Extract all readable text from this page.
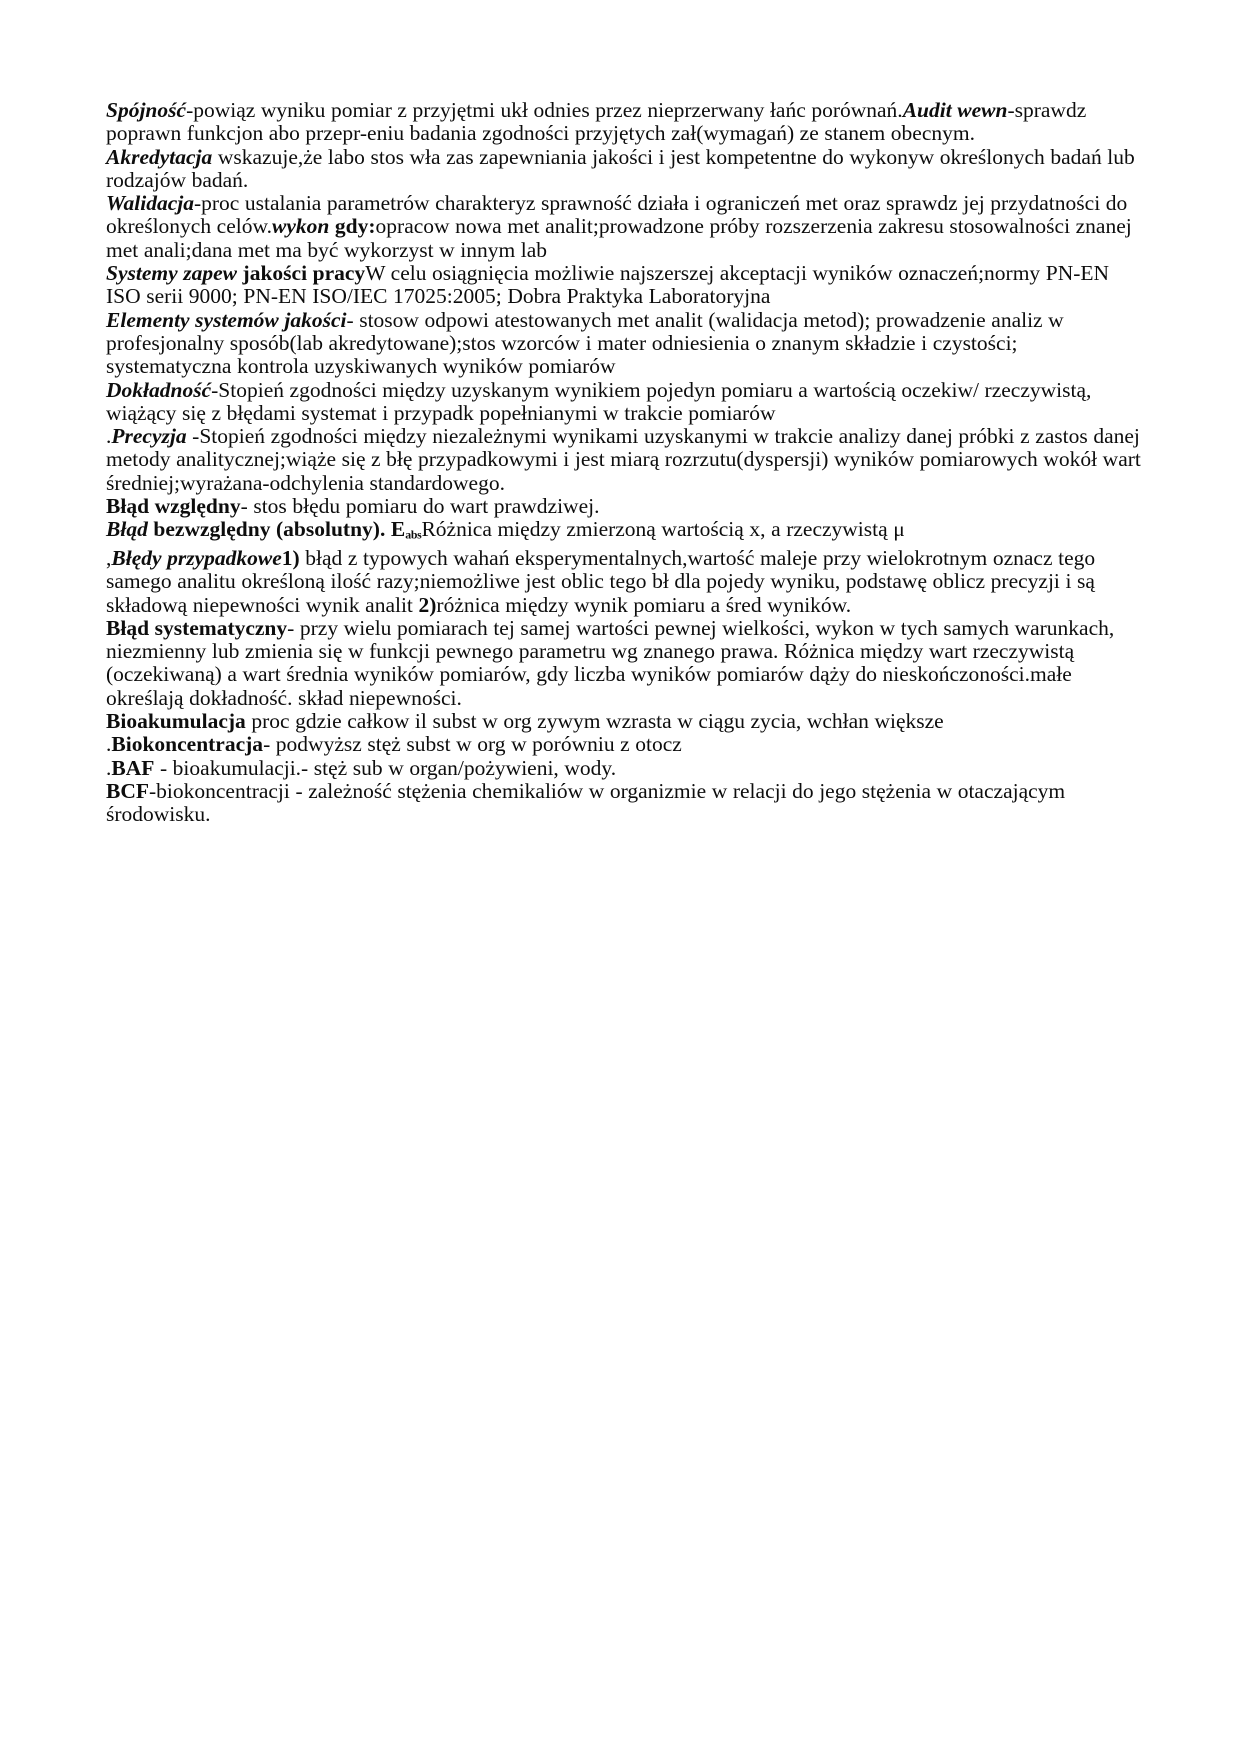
Spójność-powiąz wyniku pomiar z przyjętmi ukł odnies przez nieprzerwany łańc porównań.Audit wewn-sprawdz poprawn funkcjon abo przepr-eniu badania zgodności przyjętych zał(wymagań) ze stanem obecnym.

Akredytacja wskazuje,że labo stos wła zas zapewniania jakości i jest kompetentne do wykonyw określonych badań lub rodzajów badań.

Walidacja-proc ustalania parametrów charakteryz sprawność działa i ograniczeń met oraz sprawdz jej przydatności do określonych celów.wykon gdy:opracow nowa met analit;prowadzone próby rozszerzenia zakresu stosowalności znanej met anali;dana met ma być wykorzyst w innym lab

Systemy zapew jakości pracyW celu osiągnięcia możliwie najszerszej akceptacji wyników oznaczeń;normy PN-EN ISO serii 9000; PN-EN ISO/IEC 17025:2005; Dobra Praktyka Laboratoryjna

Elementy systemów jakości- stosow odpowi atestowanych met analit (walidacja metod); prowadzenie analiz w profesjonalny sposób(lab akredytowane);stos wzorców i mater odniesienia o znanym składzie i czystości; systematyczna kontrola uzyskiwanych wyników pomiarów

Dokładność-Stopień zgodności między uzyskanym wynikiem pojedyn pomiaru a wartością oczekiw/ rzeczywistą, wiążący się z błędami systemat i przypadk popełnianymi w trakcie pomiarów

.Precyzja -Stopień zgodności między niezależnymi wynikami uzyskanymi w trakcie analizy danej próbki z zastos danej metody analitycznej;wiąże się z błę przypadkowymi i jest miarą rozrzutu(dyspersji) wyników pomiarowych wokół wart średniej;wyrażana-odchylenia standardowego.

Błąd względny- stos błędu pomiaru do wart prawdziwej.

Błąd bezwzględny (absolutny). EabsRóżnica między zmierzoną wartością x, a rzeczywistą μ

,Błędy przypadkowe1) błąd z typowych wahań eksperymentalnych,wartość maleje przy wielokrotnym oznacz tego samego analitu określoną ilość razy;niemożliwe jest oblic tego bł dla pojedy wyniku, podstawę oblicz precyzji i są składową niepewności wynik analit 2)różnica między wynik pomiaru a śred wyników.

Błąd systematyczny- przy wielu pomiarach tej samej wartości pewnej wielkości, wykon w tych samych warunkach, niezmienny lub zmienia się w funkcji pewnego parametru wg znanego prawa. Różnica między wart rzeczywistą (oczekiwaną) a wart średnia wyników pomiarów, gdy liczba wyników pomiarów dąży do nieskończoności.małe określają dokładność. skład niepewności.

Bioakumulacja proc gdzie całkow il subst w org zywym wzrasta w ciągu zycia, wchłan większe

.Biokoncentracja- podwyższ stęż subst w org w porówniu z otocz

.BAF - bioakumulacji.- stęż sub w organ/pożywieni, wody.

BCF-biokoncentracji - zależność stężenia chemikaliów w organizmie w relacji do jego stężenia w otaczającym środowisku.
